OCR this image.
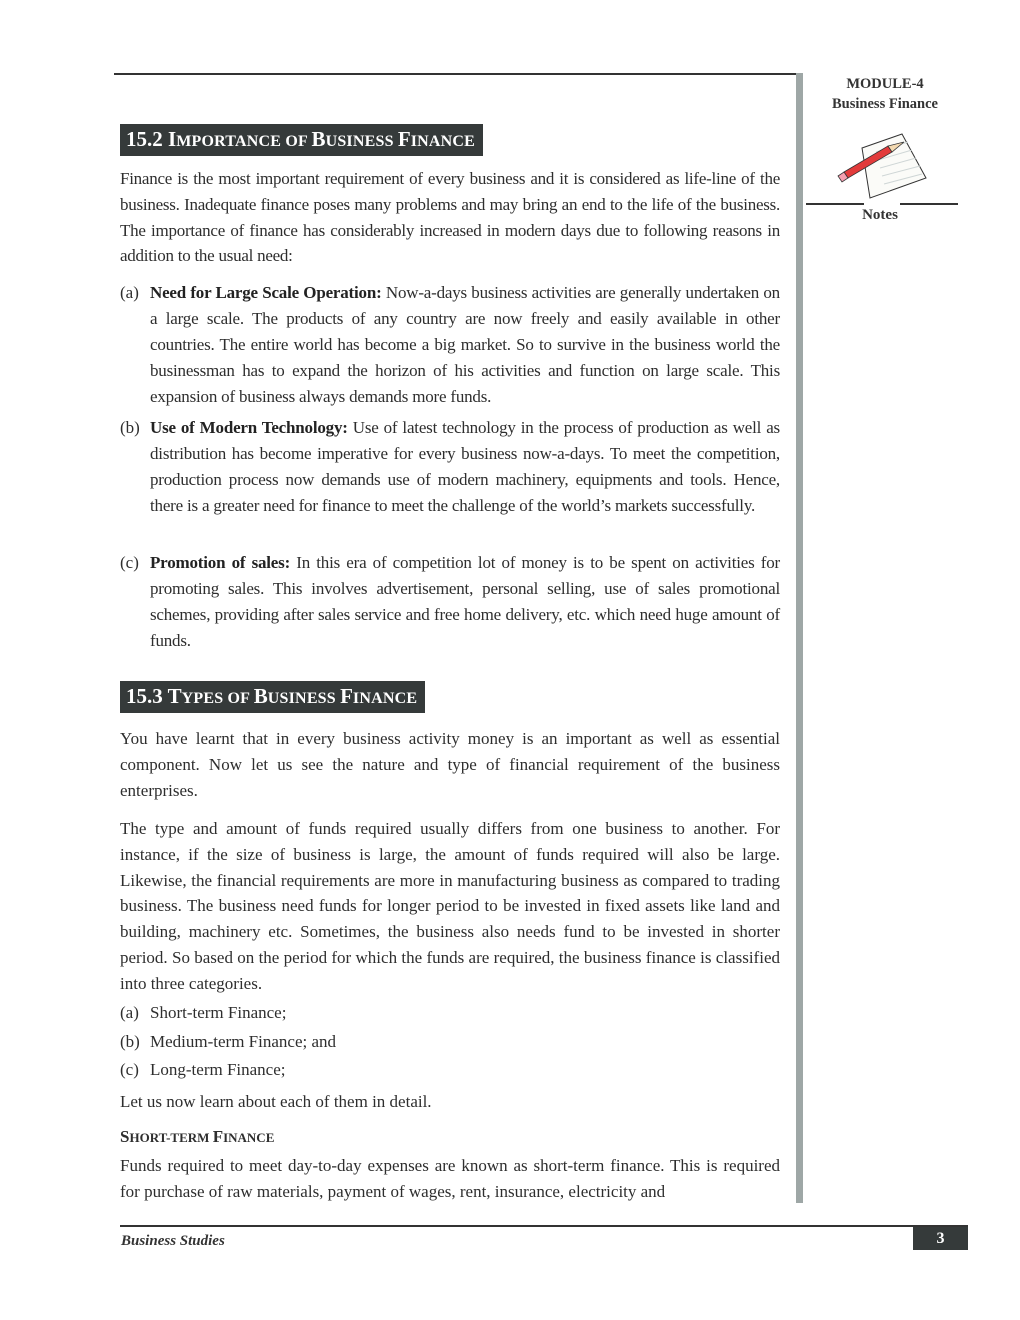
MODULE-4
Business Finance
Notes
15.2 IMPORTANCE OF BUSINESS FINANCE
Finance is the most important requirement of every business and it is considered as life-line of the business. Inadequate finance poses many problems and may bring an end to the life of the business. The importance of finance has considerably increased in modern days due to following reasons in addition to the usual need:
(a) Need for Large Scale Operation: Now-a-days business activities are generally undertaken on a large scale. The products of any country are now freely and easily available in other countries. The entire world has become a big market. So to survive in the business world the businessman has to expand the horizon of his activities and function on large scale. This expansion of business always demands more funds.
(b) Use of Modern Technology: Use of latest technology in the process of production as well as distribution has become imperative for every business now-a-days. To meet the competition, production process now demands use of modern machinery, equipments and tools. Hence, there is a greater need for finance to meet the challenge of the world’s markets successfully.
(c) Promotion of sales: In this era of competition lot of money is to be spent on activities for promoting sales. This involves advertisement, personal selling, use of sales promotional schemes, providing after sales service and free home delivery, etc. which need huge amount of funds.
15.3 TYPES OF BUSINESS FINANCE
You have learnt that in every business activity money is an important as well as essential component. Now let us see the nature and type of financial requirement of the business enterprises.
The type and amount of funds required usually differs from one business to another. For instance, if the size of business is large, the amount of funds required will also be large. Likewise, the financial requirements are more in manufacturing business as compared to trading business. The business need funds for longer period to be invested in fixed assets like land and building, machinery etc. Sometimes, the business also needs fund to be invested in shorter period. So based on the period for which the funds are required, the business finance is classified into three categories.
(a) Short-term Finance;
(b) Medium-term Finance; and
(c) Long-term Finance;
Let us now learn about each of them in detail.
SHORT-TERM FINANCE
Funds required to meet day-to-day expenses are known as short-term finance. This is required for purchase of raw materials, payment of wages, rent, insurance, electricity and
Business Studies	3
